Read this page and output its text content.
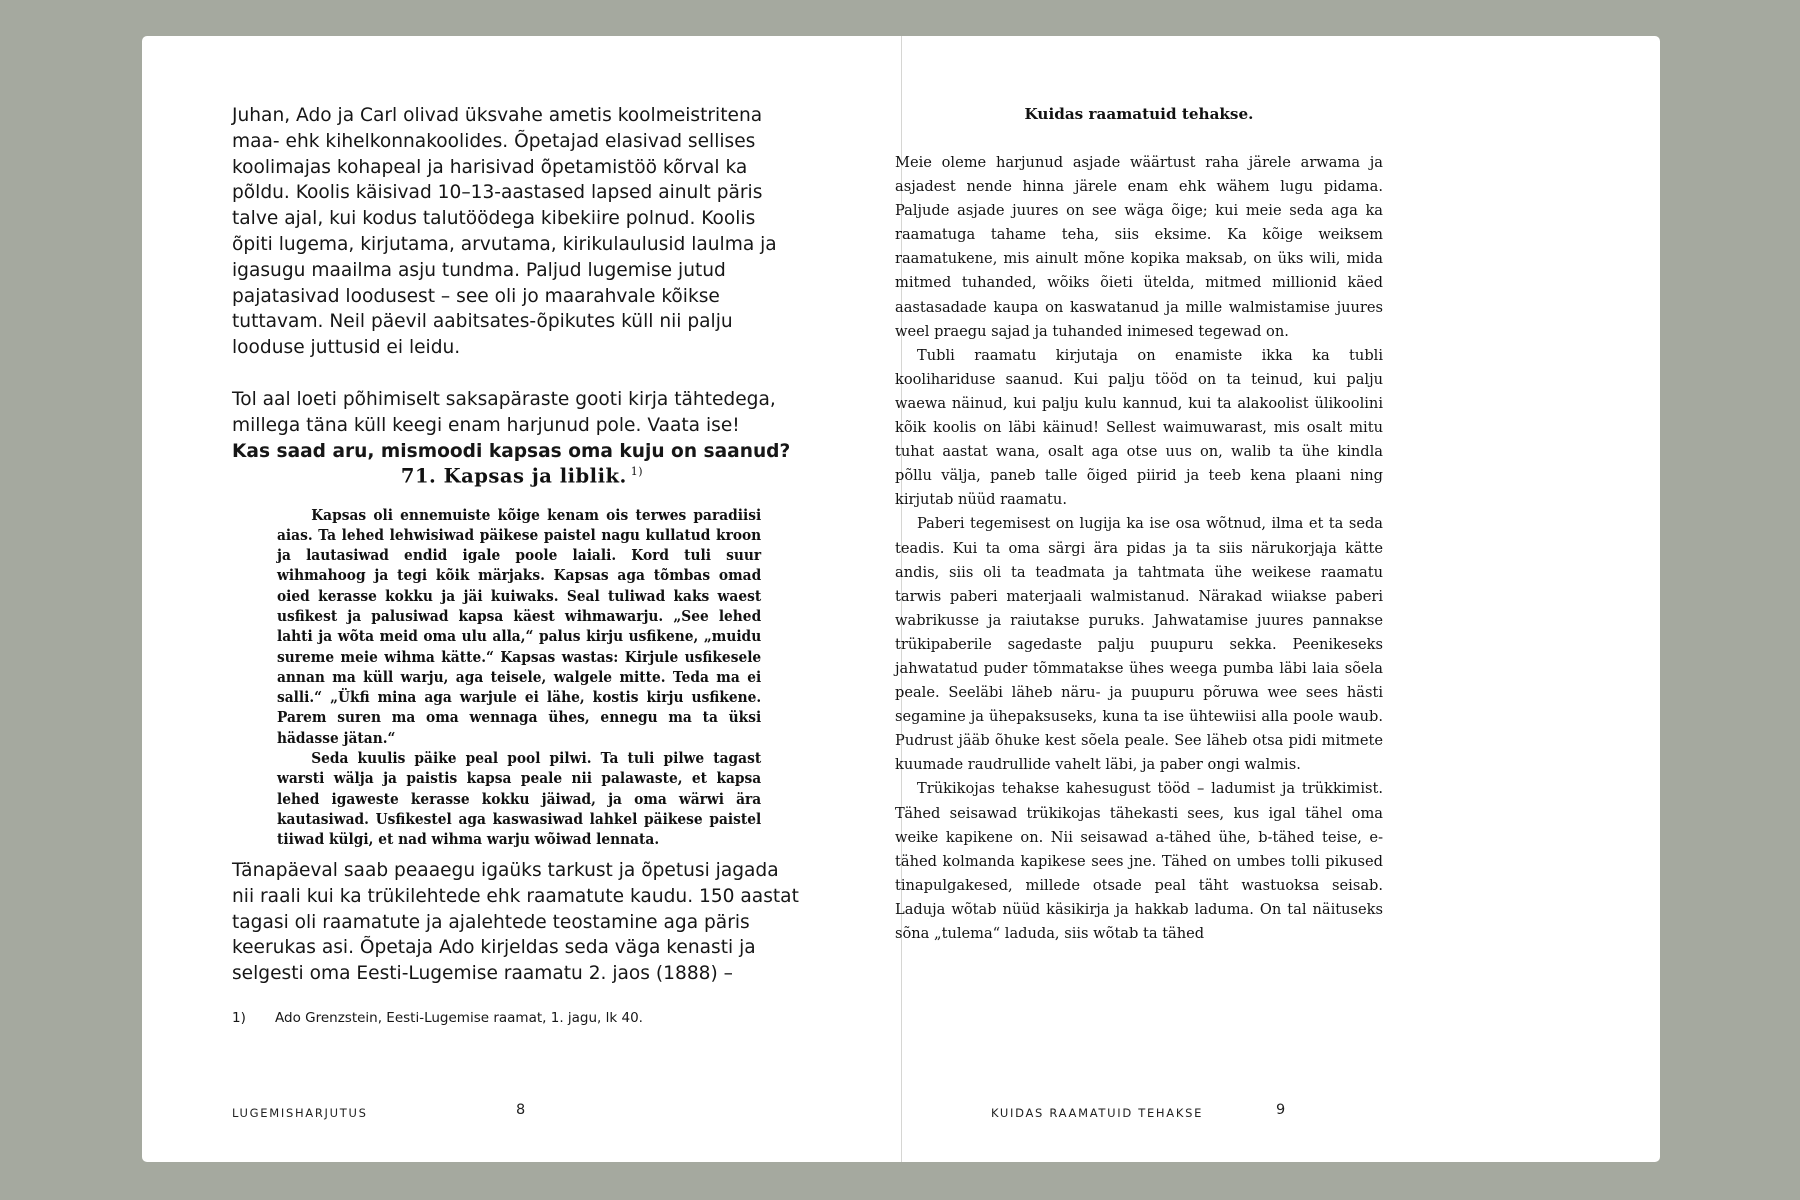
Juhan, Ado ja Carl olivad üksvahe ametis koolmeistritena maa- ehk kihelkonnakoolides. Õpetajad elasivad sellises koolimajas kohapeal ja harisivad õpetamistöö kõrval ka põldu. Koolis käisivad 10–13-aastased lapsed ainult päris talve ajal, kui kodus talutöödega kibekiire polnud. Koolis õpiti lugema, kirjutama, arvutama, kirikulaulusid laulma ja igasugu maailma asju tundma. Paljud lugemise jutud pajatasivad loodusest – see oli jo maarahvale kõikse tuttavam. Neil päevil aabitsates-õpikutes küll nii palju looduse juttusid ei leidu.

Tol aal loeti põhimiselt saksapäraste gooti kirja tähtedega, millega täna küll keegi enam harjunud pole. Vaata ise!

Kas saad aru, mismoodi kapsas oma kuju on saanud?

71. Kapsas ja liblik. $^{1)}$

Kapsas oli ennemuiste kõige kenam ois terwes paradiisi aias. Ta lehed lehwisiwad päikese paistel nagu kullatud kroon ja lautasiwad endid igale poole laiali. Kord tuli suur wihmahoog ja tegi kõik märjaks. Kapsas aga tõmbas omad oied kerasse kokku ja jäi kuiwaks. Seal tuliwad kaks waest usfikest ja palusiwad kapsa käest wihmawarju. „See lehed lahti ja wõta meid oma ulu alla,“ palus kirju usfikene, „muidu sureme meie wihma kätte.“ Kapsas wastas: Kirjule usfikesele annan ma küll warju, aga teisele, walgele mitte. Teda ma ei salli.“ „Ükfi mina aga warjule ei lähe, kostis kirju usfikene. Parem suren ma oma wennaga ühes, ennegu ma ta üksi hädasse jätan.“

Seda kuulis päike peal pool pilwi. Ta tuli pilwe tagast warsti wälja ja paistis kapsa peale nii palawaste, et kapsa lehed igaweste kerasse kokku jäiwad, ja oma wärwi ära kautasiwad. Usfikestel aga kaswasiwad lahkel päikese paistel tiiwad külgi, et nad wihma warju wõiwad lennata.

Tänapäeval saab peaaegu igaüks tarkust ja õpetusi jagada nii raali kui ka trükilehtede ehk raamatute kaudu. 150 aastat tagasi oli raamatute ja ajalehtede teostamine aga päris keerukas asi. Õpetaja Ado kirjeldas seda väga kenasti ja selgesti oma Eesti-Lugemise raamatu 2. jaos (1888) –

1) Ado Grenzstein, Eesti-Lugemise raamat, 1. jagu, lk 40.
LUGEMISHARJUTUS	8
Kuidas raamatuid tehakse.

Meie oleme harjunud asjade wäärtust raha järele arwama ja asjadest nende hinna järele enam ehk wähem lugu pidama. Paljude asjade juures on see wäga õige; kui meie seda aga ka raamatuga tahame teha, siis eksime. Ka kõige weiksem raamatukene, mis ainult mõne kopika maksab, on üks wili, mida mitmed tuhanded, wõiks õieti ütelda, mitmed millionid käed aastasadade kaupa on kaswatanud ja mille walmistamise juures weel praegu sajad ja tuhanded inimesed tegewad on.

Tubli raamatu kirjutaja on enamiste ikka ka tubli koolihariduse saanud. Kui palju tööd on ta teinud, kui palju waewa näinud, kui palju kulu kannud, kui ta alakoolist ülikoolini kõik koolis on läbi käinud! Sellest waimuwarast, mis osalt mitu tuhat aastat wana, osalt aga otse uus on, walib ta ühe kindla põllu välja, paneb talle õiged piirid ja teeb kena plaani ning kirjutab nüüd raamatu.

Paberi tegemisest on lugija ka ise osa wõtnud, ilma et ta seda teadis. Kui ta oma särgi ära pidas ja ta siis närukorjaja kätte andis, siis oli ta teadmata ja tahtmata ühe weikese raamatu tarwis paberi materjaali walmistanud. Närakad wiiakse paberi wabrikusse ja raiutakse puruks. Jahwatamise juures pannakse trükipaberile sagedaste palju puupuru sekka. Peenikeseks jahwatatud puder tõmmatakse ühes weega pumba läbi laia sõela peale. Seeläbi läheb näru- ja puupuru põruwa wee sees hästi segamine ja ühepaksuseks, kuna ta ise ühtewiisi alla poole waub. Pudrust jääb õhuke kest sõela peale. See läheb otsa pidi mitmete kuumade raudrullide vahelt läbi, ja paber ongi walmis.

Trükikojas tehakse kahesugust tööd – ladumist ja trükkimist. Tähed seisawad trükikojas tähekasti sees, kus igal tähel oma weike kapikene on. Nii seisawad a-tähed ühe, b-tähed teise, e-tähed kolmanda kapikese sees jne. Tähed on umbes tolli pikused tinapulgakesed, millede otsade peal täht wastuoksa seisab. Laduja wõtab nüüd käsikirja ja hakkab laduma. On tal näituseks sõna „tulema“ laduda, siis wõtab ta tähed

KUIDAS RAAMATUID TEHAKSE	9
